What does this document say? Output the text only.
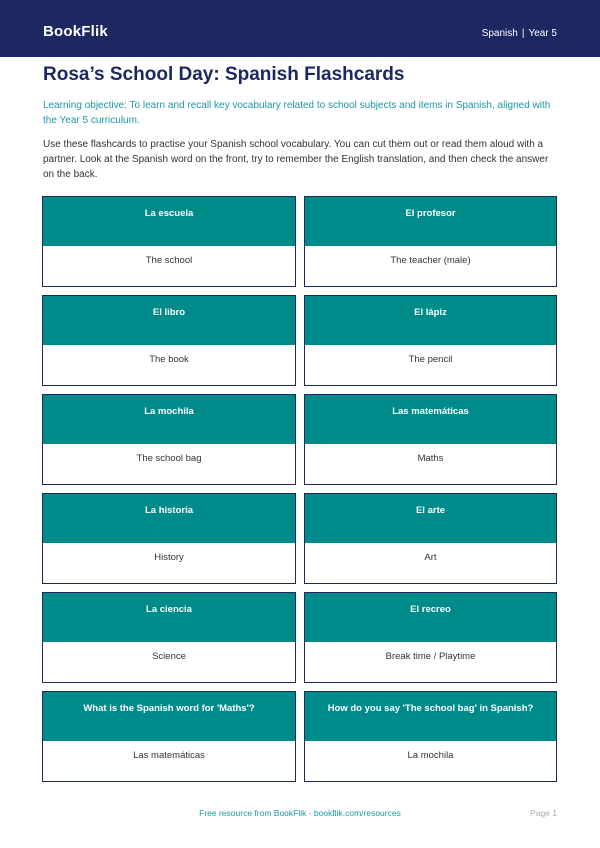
BookFlik	Spanish | Year 5
Rosa’s School Day: Spanish Flashcards

Learning objective: To learn and recall key vocabulary related to school subjects and items in Spanish, aligned with the Year 5 curriculum.

Use these flashcards to practise your Spanish school vocabulary. You can cut them out or read them aloud with a partner. Look at the Spanish word on the front, try to remember the English translation, and then check the answer on the back.

La escuela
The school
El profesor
The teacher (male)
El libro
The book
El lápiz
The pencil
La mochila
The school bag
Las matemáticas
Maths
La historia
History
El arte
Art
La ciencia
Science
El recreo
Break time / Playtime
What is the Spanish word for 'Maths'?
Las matemáticas
How do you say 'The school bag' in Spanish?
La mochila
Free resource from BookFlik · bookflik.com/resources	Page 1
